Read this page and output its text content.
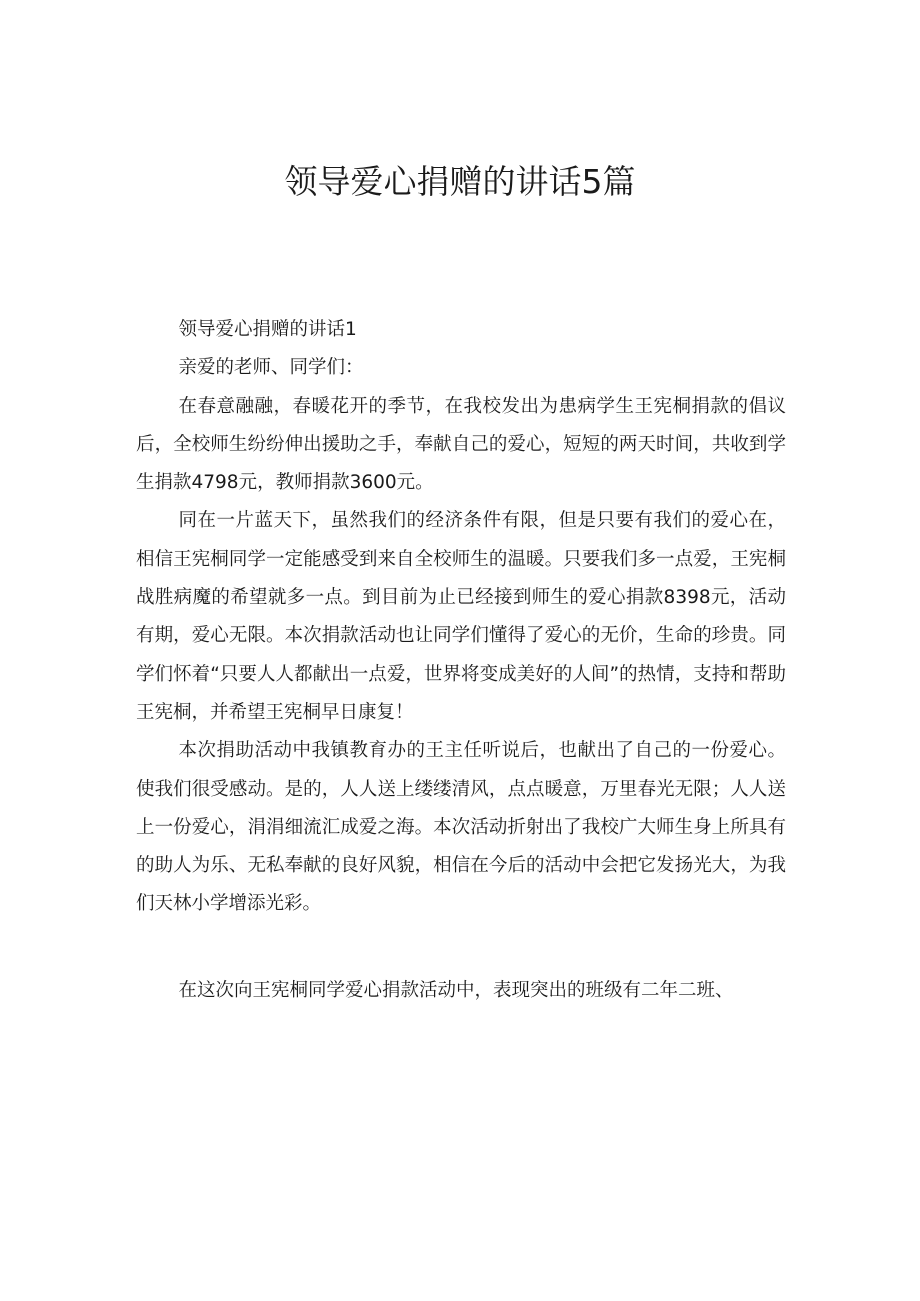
领导爱心捐赠的讲话5篇

领导爱心捐赠的讲话1

亲爱的老师、同学们：

在春意融融，春暖花开的季节，在我校发出为患病学生王宪桐捐款的倡议后，全校师生纷纷伸出援助之手，奉献自己的爱心，短短的两天时间，共收到学生捐款4798元，教师捐款3600元。

同在一片蓝天下，虽然我们的经济条件有限，但是只要有我们的爱心在，相信王宪桐同学一定能感受到来自全校师生的温暖。只要我们多一点爱，王宪桐战胜病魔的希望就多一点。到目前为止已经接到师生的爱心捐款8398元，活动有期，爱心无限。本次捐款活动也让同学们懂得了爱心的无价，生命的珍贵。同学们怀着“只要人人都献出一点爱，世界将变成美好的人间”的热情，支持和帮助王宪桐，并希望王宪桐早日康复！

本次捐助活动中我镇教育办的王主任听说后，也献出了自己的一份爱心。使我们很受感动。是的，人人送上缕缕清风，点点暖意，万里春光无限；人人送上一份爱心，涓涓细流汇成爱之海。本次活动折射出了我校广大师生身上所具有的助人为乐、无私奉献的良好风貌，相信在今后的活动中会把它发扬光大，为我们天林小学增添光彩。

在这次向王宪桐同学爱心捐款活动中，表现突出的班级有二年二班、
